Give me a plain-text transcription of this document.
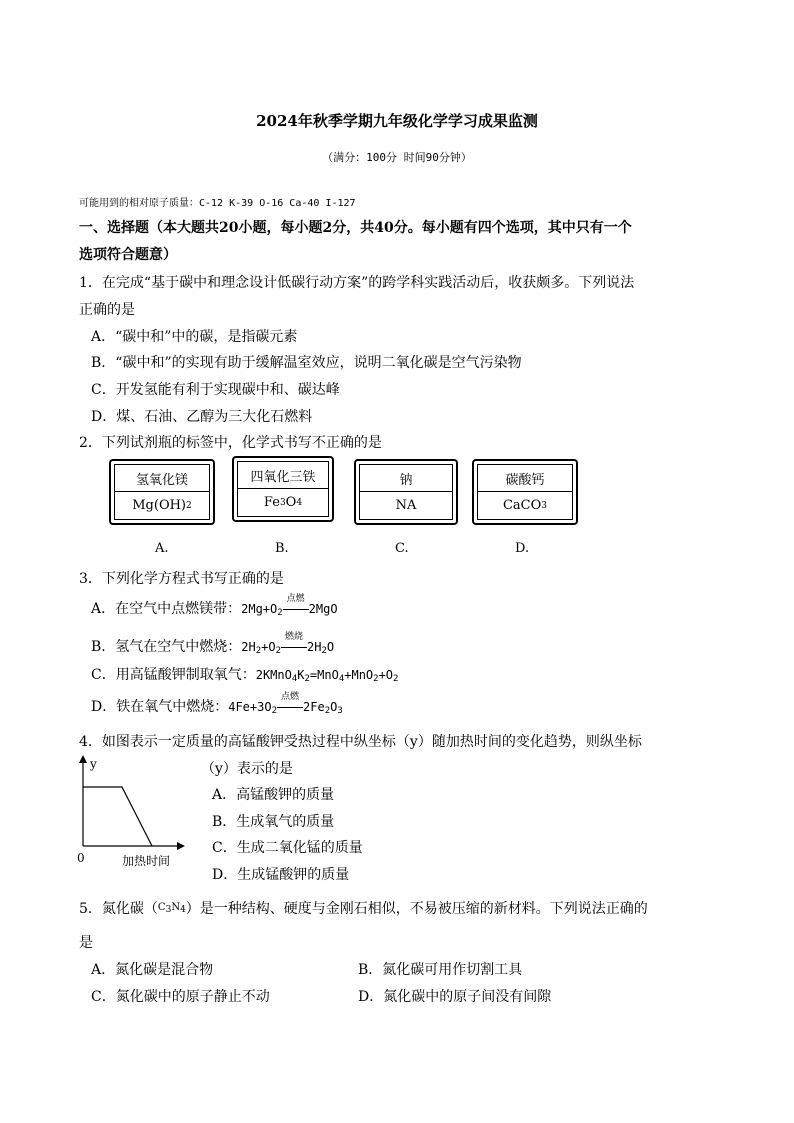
2024年秋季学期九年级化学学习成果监测
（满分：100分 时间90分钟）
可能用到的相对原子质量：C-12 K-39 O-16 Ca-40 I-127
一、选择题（本大题共20小题，每小题2分，共40分。每小题有四个选项，其中只有一个
选项符合题意）
1．在完成“基于碳中和理念设计低碳行动方案”的跨学科实践活动后，收获颇多。下列说法
正确的是
A．“碳中和”中的碳，是指碳元素
B．“碳中和”的实现有助于缓解温室效应，说明二氧化碳是空气污染物
C．开发氢能有利于实现碳中和、碳达峰
D．煤、石油、乙醇为三大化石燃料
2．下列试剂瓶的标签中，化学式书写不正确的是
氢氧化镁
Mg(OH) 2
四氧化三铁
Fe 3 O 4
钠
NA
碳酸钙
CaCO 3
A.	B.	C.	D.
3．下列化学方程式书写正确的是
A．在空气中点燃镁带：$2Mg+O_2$
点燃
2MgO
B．氢气在空气中燃烧：$2H_2+O_2$
燃烧
$2H_2O$
C．用高锰酸钾制取氧气：$2KMnO_4K_2=MnO_4+MnO_2+O_2$
D．铁在氧气中燃烧：$4Fe+3O_2$
点燃
$2Fe_2O_3$
4．如图表示一定质量的高锰酸钾受热过程中纵坐标（y）随加热时间的变化趋势，则纵坐标
y
0	加热时间
（y）表示的是
A．高锰酸钾的质量
B．生成氧气的质量
C．生成二氧化锰的质量
D．生成锰酸钾的质量
5．氮化碳（$^{C_3N_4}$）是一种结构、硬度与金刚石相似，不易被压缩的新材料。下列说法正确的
是
A．氮化碳是混合物	B．氮化碳可用作切割工具
C．氮化碳中的原子静止不动	D．氮化碳中的原子间没有间隙
